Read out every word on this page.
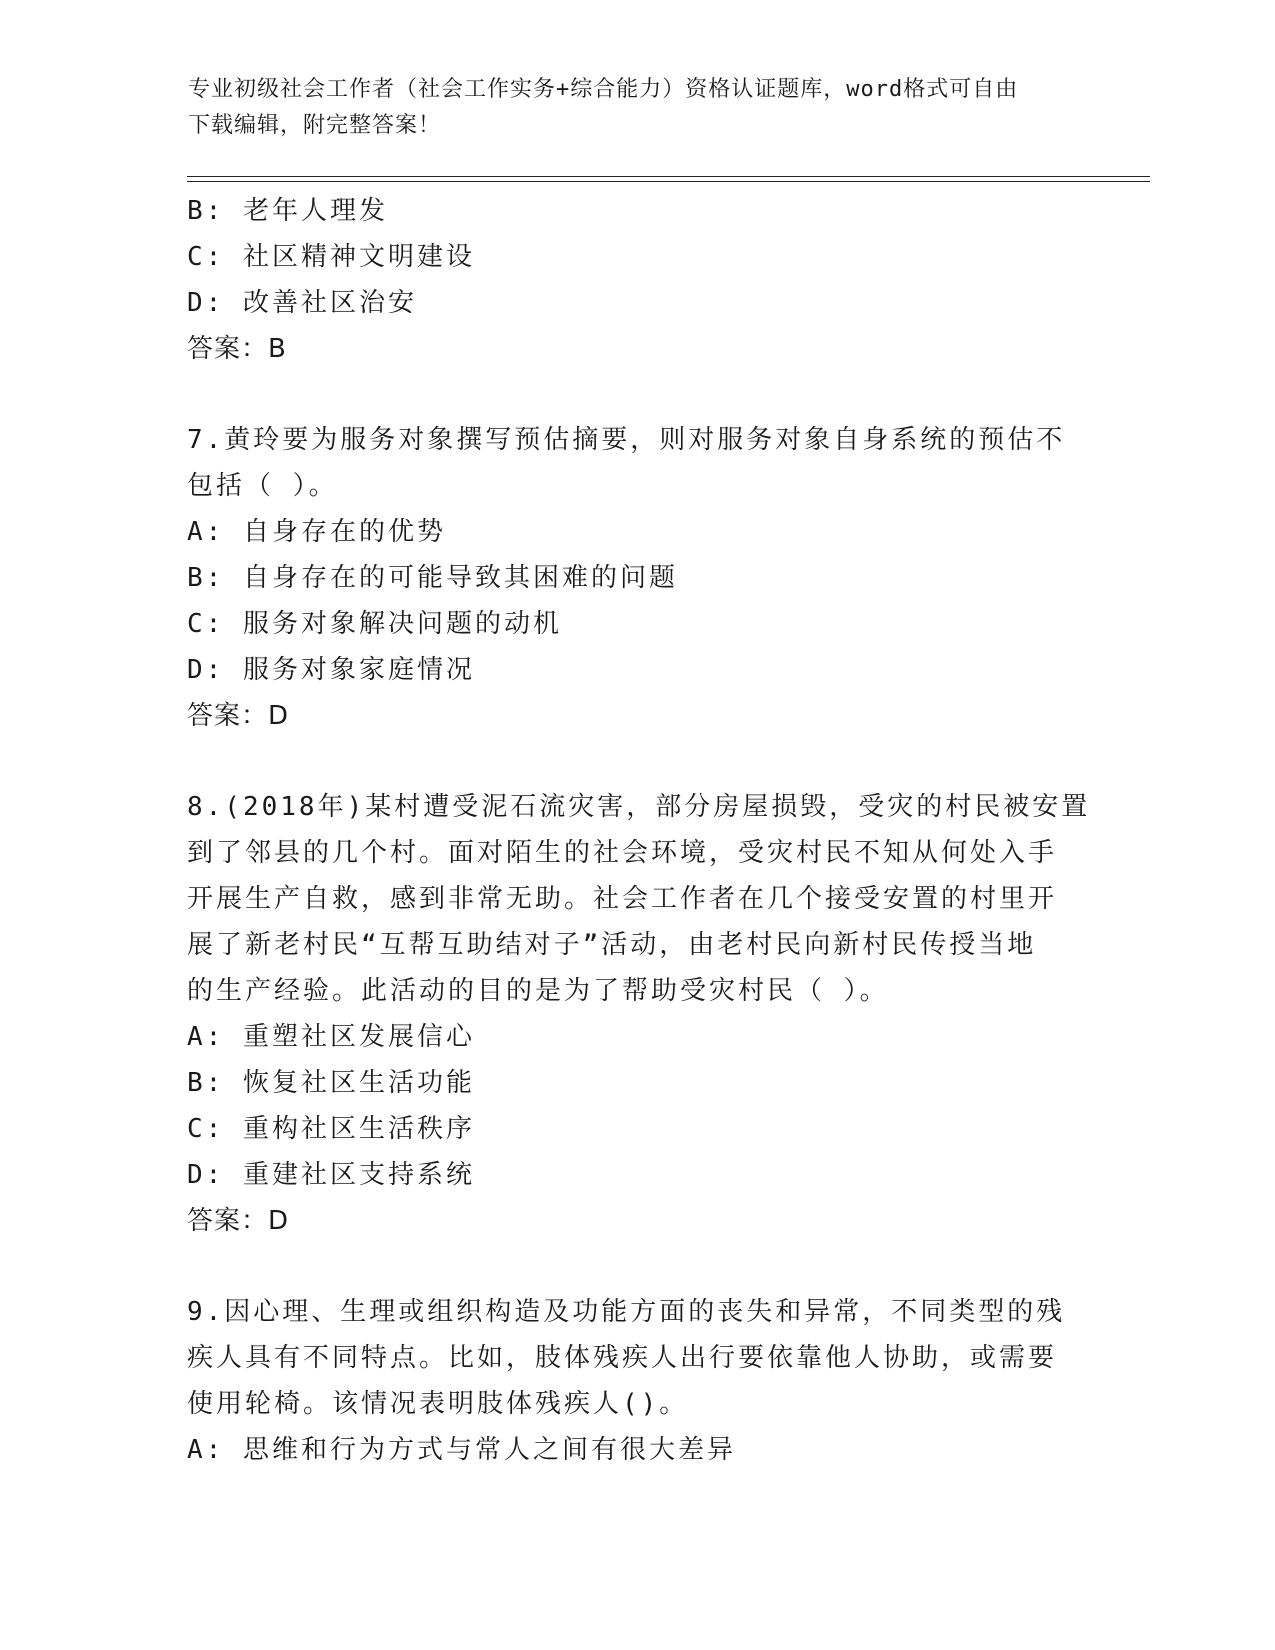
专业初级社会工作者（社会工作实务+综合能力）资格认证题库，word格式可自由
下载编辑，附完整答案！
B: 老年人理发
C: 社区精神文明建设
D: 改善社区治安
答案：B
7.黄玲要为服务对象撰写预估摘要，则对服务对象自身系统的预估不
包括（ ）。
A: 自身存在的优势
B: 自身存在的可能导致其困难的问题
C: 服务对象解决问题的动机
D: 服务对象家庭情况
答案：D
8.(2018年)某村遭受泥石流灾害，部分房屋损毁，受灾的村民被安置
到了邻县的几个村。面对陌生的社会环境，受灾村民不知从何处入手
开展生产自救，感到非常无助。社会工作者在几个接受安置的村里开
展了新老村民“互帮互助结对子”活动，由老村民向新村民传授当地
的生产经验。此活动的目的是为了帮助受灾村民（ ）。
A: 重塑社区发展信心
B: 恢复社区生活功能
C: 重构社区生活秩序
D: 重建社区支持系统
答案：D
9.因心理、生理或组织构造及功能方面的丧失和异常，不同类型的残
疾人具有不同特点。比如，肢体残疾人出行要依靠他人协助，或需要
使用轮椅。该情况表明肢体残疾人()。
A: 思维和行为方式与常人之间有很大差异
